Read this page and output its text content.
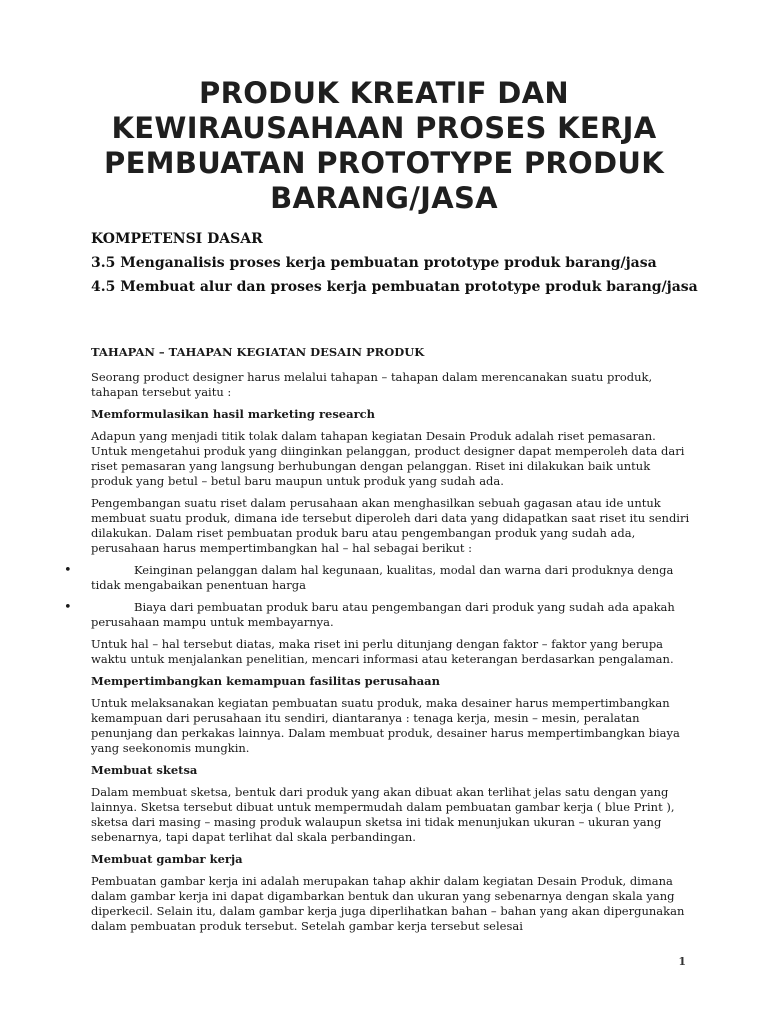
PRODUK KREATIF DAN KEWIRAUSAHAAN PROSES KERJA PEMBUATAN PROTOTYPE PRODUK BARANG/JASA

KOMPETENSI DASAR

3.5 Menganalisis proses kerja pembuatan prototype produk barang/jasa

4.5 Membuat alur dan proses kerja pembuatan prototype produk barang/jasa

TAHAPAN – TAHAPAN KEGIATAN DESAIN PRODUK

Seorang product designer harus melalui tahapan – tahapan dalam merencanakan suatu produk, tahapan tersebut yaitu :

Memformulasikan hasil marketing research

Adapun yang menjadi titik tolak dalam tahapan kegiatan Desain Produk adalah riset pemasaran. Untuk mengetahui produk yang diinginkan pelanggan, product designer dapat memperoleh data dari riset pemasaran yang langsung berhubungan dengan pelanggan. Riset ini dilakukan baik untuk produk yang betul – betul baru maupun untuk produk yang sudah ada.

Pengembangan suatu riset dalam perusahaan akan menghasilkan sebuah gagasan atau ide untuk membuat suatu produk, dimana ide tersebut diperoleh dari data yang didapatkan saat riset itu sendiri dilakukan. Dalam riset pembuatan produk baru atau pengembangan produk yang sudah ada, perusahaan harus mempertimbangkan hal – hal sebagai berikut :

•	Keinginan pelanggan dalam hal kegunaan, kualitas, modal dan warna dari produknya denga tidak mengabaikan penentuan harga
•	Biaya dari pembuatan produk baru atau pengembangan dari produk yang sudah ada apakah perusahaan mampu untuk membayarnya.

Untuk hal – hal tersebut diatas, maka riset ini perlu ditunjang dengan faktor – faktor yang berupa waktu untuk menjalankan penelitian, mencari informasi atau keterangan berdasarkan pengalaman.

Mempertimbangkan kemampuan fasilitas perusahaan

Untuk melaksanakan kegiatan pembuatan suatu produk, maka desainer harus mempertimbangkan kemampuan dari perusahaan itu sendiri, diantaranya : tenaga kerja, mesin – mesin, peralatan penunjang dan perkakas lainnya. Dalam membuat produk, desainer harus mempertimbangkan biaya yang seekonomis mungkin.

Membuat sketsa

Dalam membuat sketsa, bentuk dari produk yang akan dibuat akan terlihat jelas satu dengan yang lainnya. Sketsa tersebut dibuat untuk mempermudah dalam pembuatan gambar kerja ( blue Print ), sketsa dari masing – masing produk walaupun sketsa ini tidak menunjukan ukuran – ukuran yang sebenarnya, tapi dapat terlihat dal skala perbandingan.

Membuat gambar kerja

Pembuatan gambar kerja ini adalah merupakan tahap akhir dalam kegiatan Desain Produk, dimana dalam gambar kerja ini dapat digambarkan bentuk dan ukuran yang sebenarnya dengan skala yang diperkecil. Selain itu, dalam gambar kerja juga diperlihatkan bahan – bahan yang akan dipergunakan dalam pembuatan produk tersebut. Setelah gambar kerja tersebut selesai

1
